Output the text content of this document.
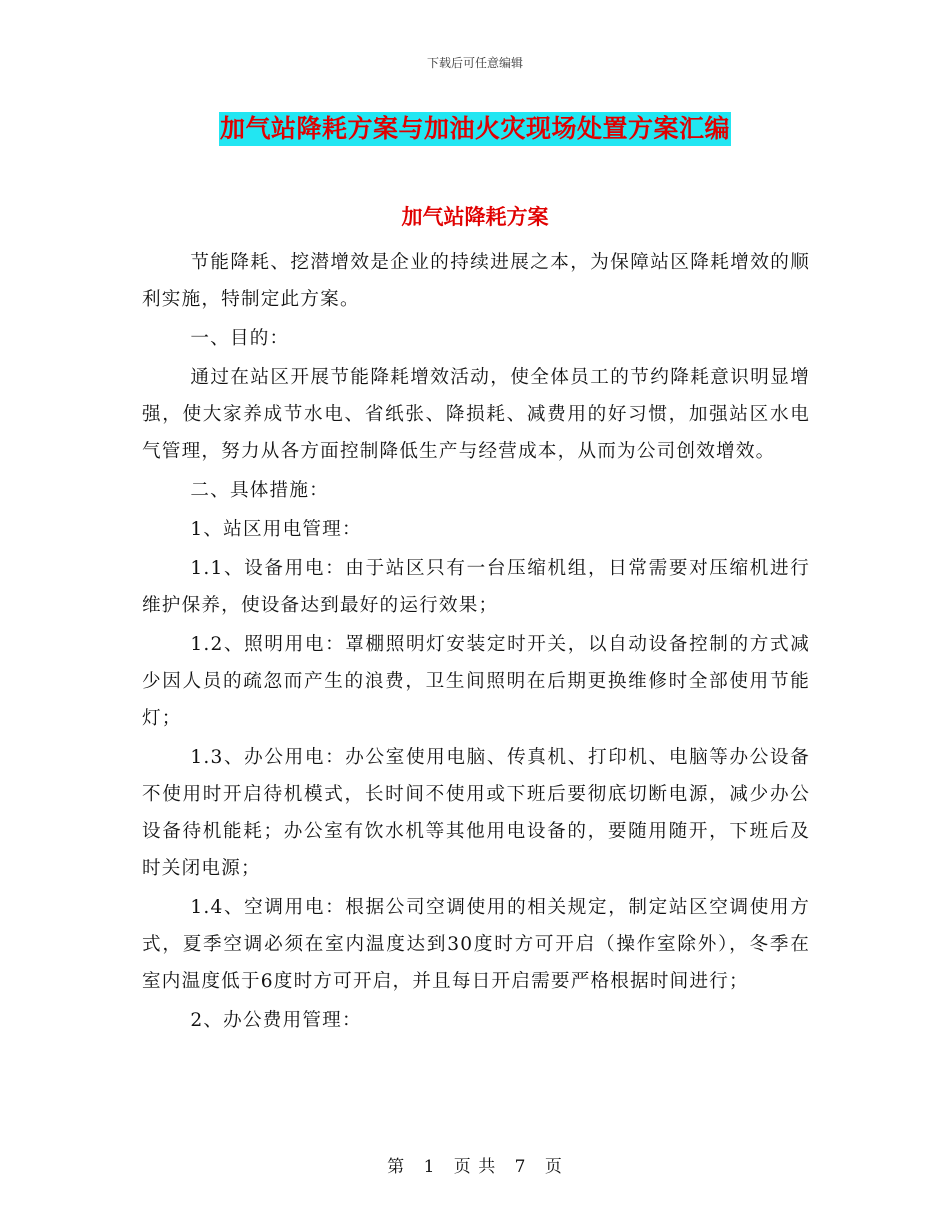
下载后可任意编辑
加气站降耗方案与加油火灾现场处置方案汇编
加气站降耗方案

节能降耗、挖潜增效是企业的持续进展之本，为保障站区降耗增效的顺利实施，特制定此方案。

一、目的：

通过在站区开展节能降耗增效活动，使全体员工的节约降耗意识明显增强，使大家养成节水电、省纸张、降损耗、减费用的好习惯，加强站区水电气管理，努力从各方面控制降低生产与经营成本，从而为公司创效增效。

二、具体措施：

1、站区用电管理：

1.1、设备用电：由于站区只有一台压缩机组，日常需要对压缩机进行维护保养，使设备达到最好的运行效果；

1.2、照明用电：罩棚照明灯安装定时开关，以自动设备控制的方式减少因人员的疏忽而产生的浪费，卫生间照明在后期更换维修时全部使用节能灯；

1.3、办公用电：办公室使用电脑、传真机、打印机、电脑等办公设备不使用时开启待机模式，长时间不使用或下班后要彻底切断电源，减少办公设备待机能耗；办公室有饮水机等其他用电设备的，要随用随开，下班后及时关闭电源；

1.4、空调用电：根据公司空调使用的相关规定，制定站区空调使用方式，夏季空调必须在室内温度达到30度时方可开启（操作室除外），冬季在室内温度低于6度时方可开启，并且每日开启需要严格根据时间进行；

2、办公费用管理：

第 1 页 共 7 页
